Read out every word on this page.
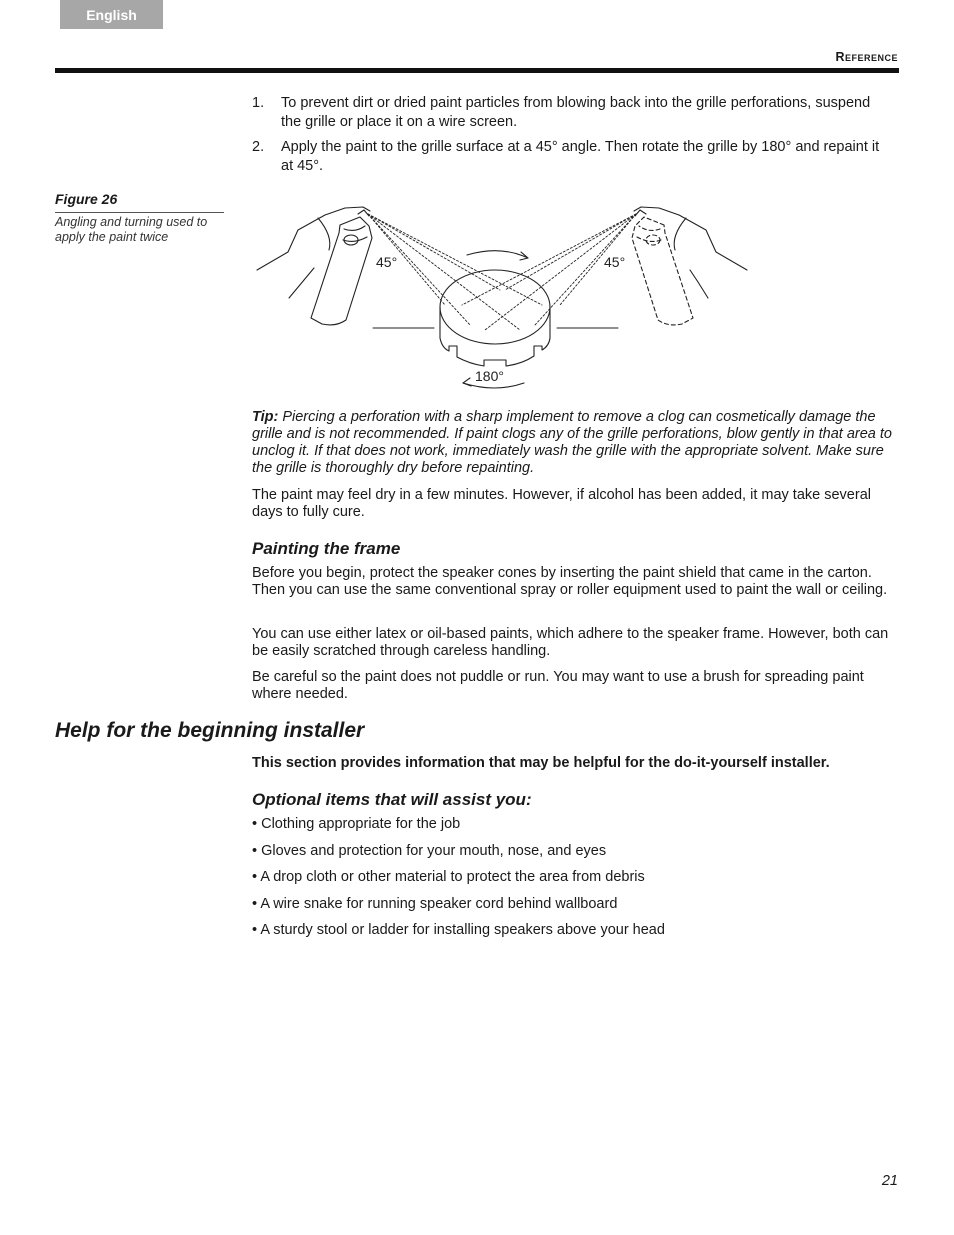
English
Reference
1.	To prevent dirt or dried paint particles from blowing back into the grille perforations, suspend the grille or place it on a wire screen.
2.	Apply the paint to the grille surface at a 45° angle. Then rotate the grille by 180° and repaint it at 45°.
Figure 26
Angling and turning used to apply the paint twice
45°	45°
180°
Tip: Piercing a perforation with a sharp implement to remove a clog can cosmetically damage the grille and is not recommended. If paint clogs any of the grille perforations, blow gently in that area to unclog it. If that does not work, immediately wash the grille with the appropriate solvent. Make sure the grille is thoroughly dry before repainting.

The paint may feel dry in a few minutes. However, if alcohol has been added, it may take several days to fully cure.

Painting the frame

Before you begin, protect the speaker cones by inserting the paint shield that came in the carton. Then you can use the same conventional spray or roller equipment used to paint the wall or ceiling.

You can use either latex or oil-based paints, which adhere to the speaker frame. However, both can be easily scratched through careless handling.

Be careful so the paint does not puddle or run. You may want to use a brush for spreading paint where needed.

Help for the beginning installer

This section provides information that may be helpful for the do-it-yourself installer.

Optional items that will assist you:
• Clothing appropriate for the job
• Gloves and protection for your mouth, nose, and eyes
• A drop cloth or other material to protect the area from debris
• A wire snake for running speaker cord behind wallboard
• A sturdy stool or ladder for installing speakers above your head
21
